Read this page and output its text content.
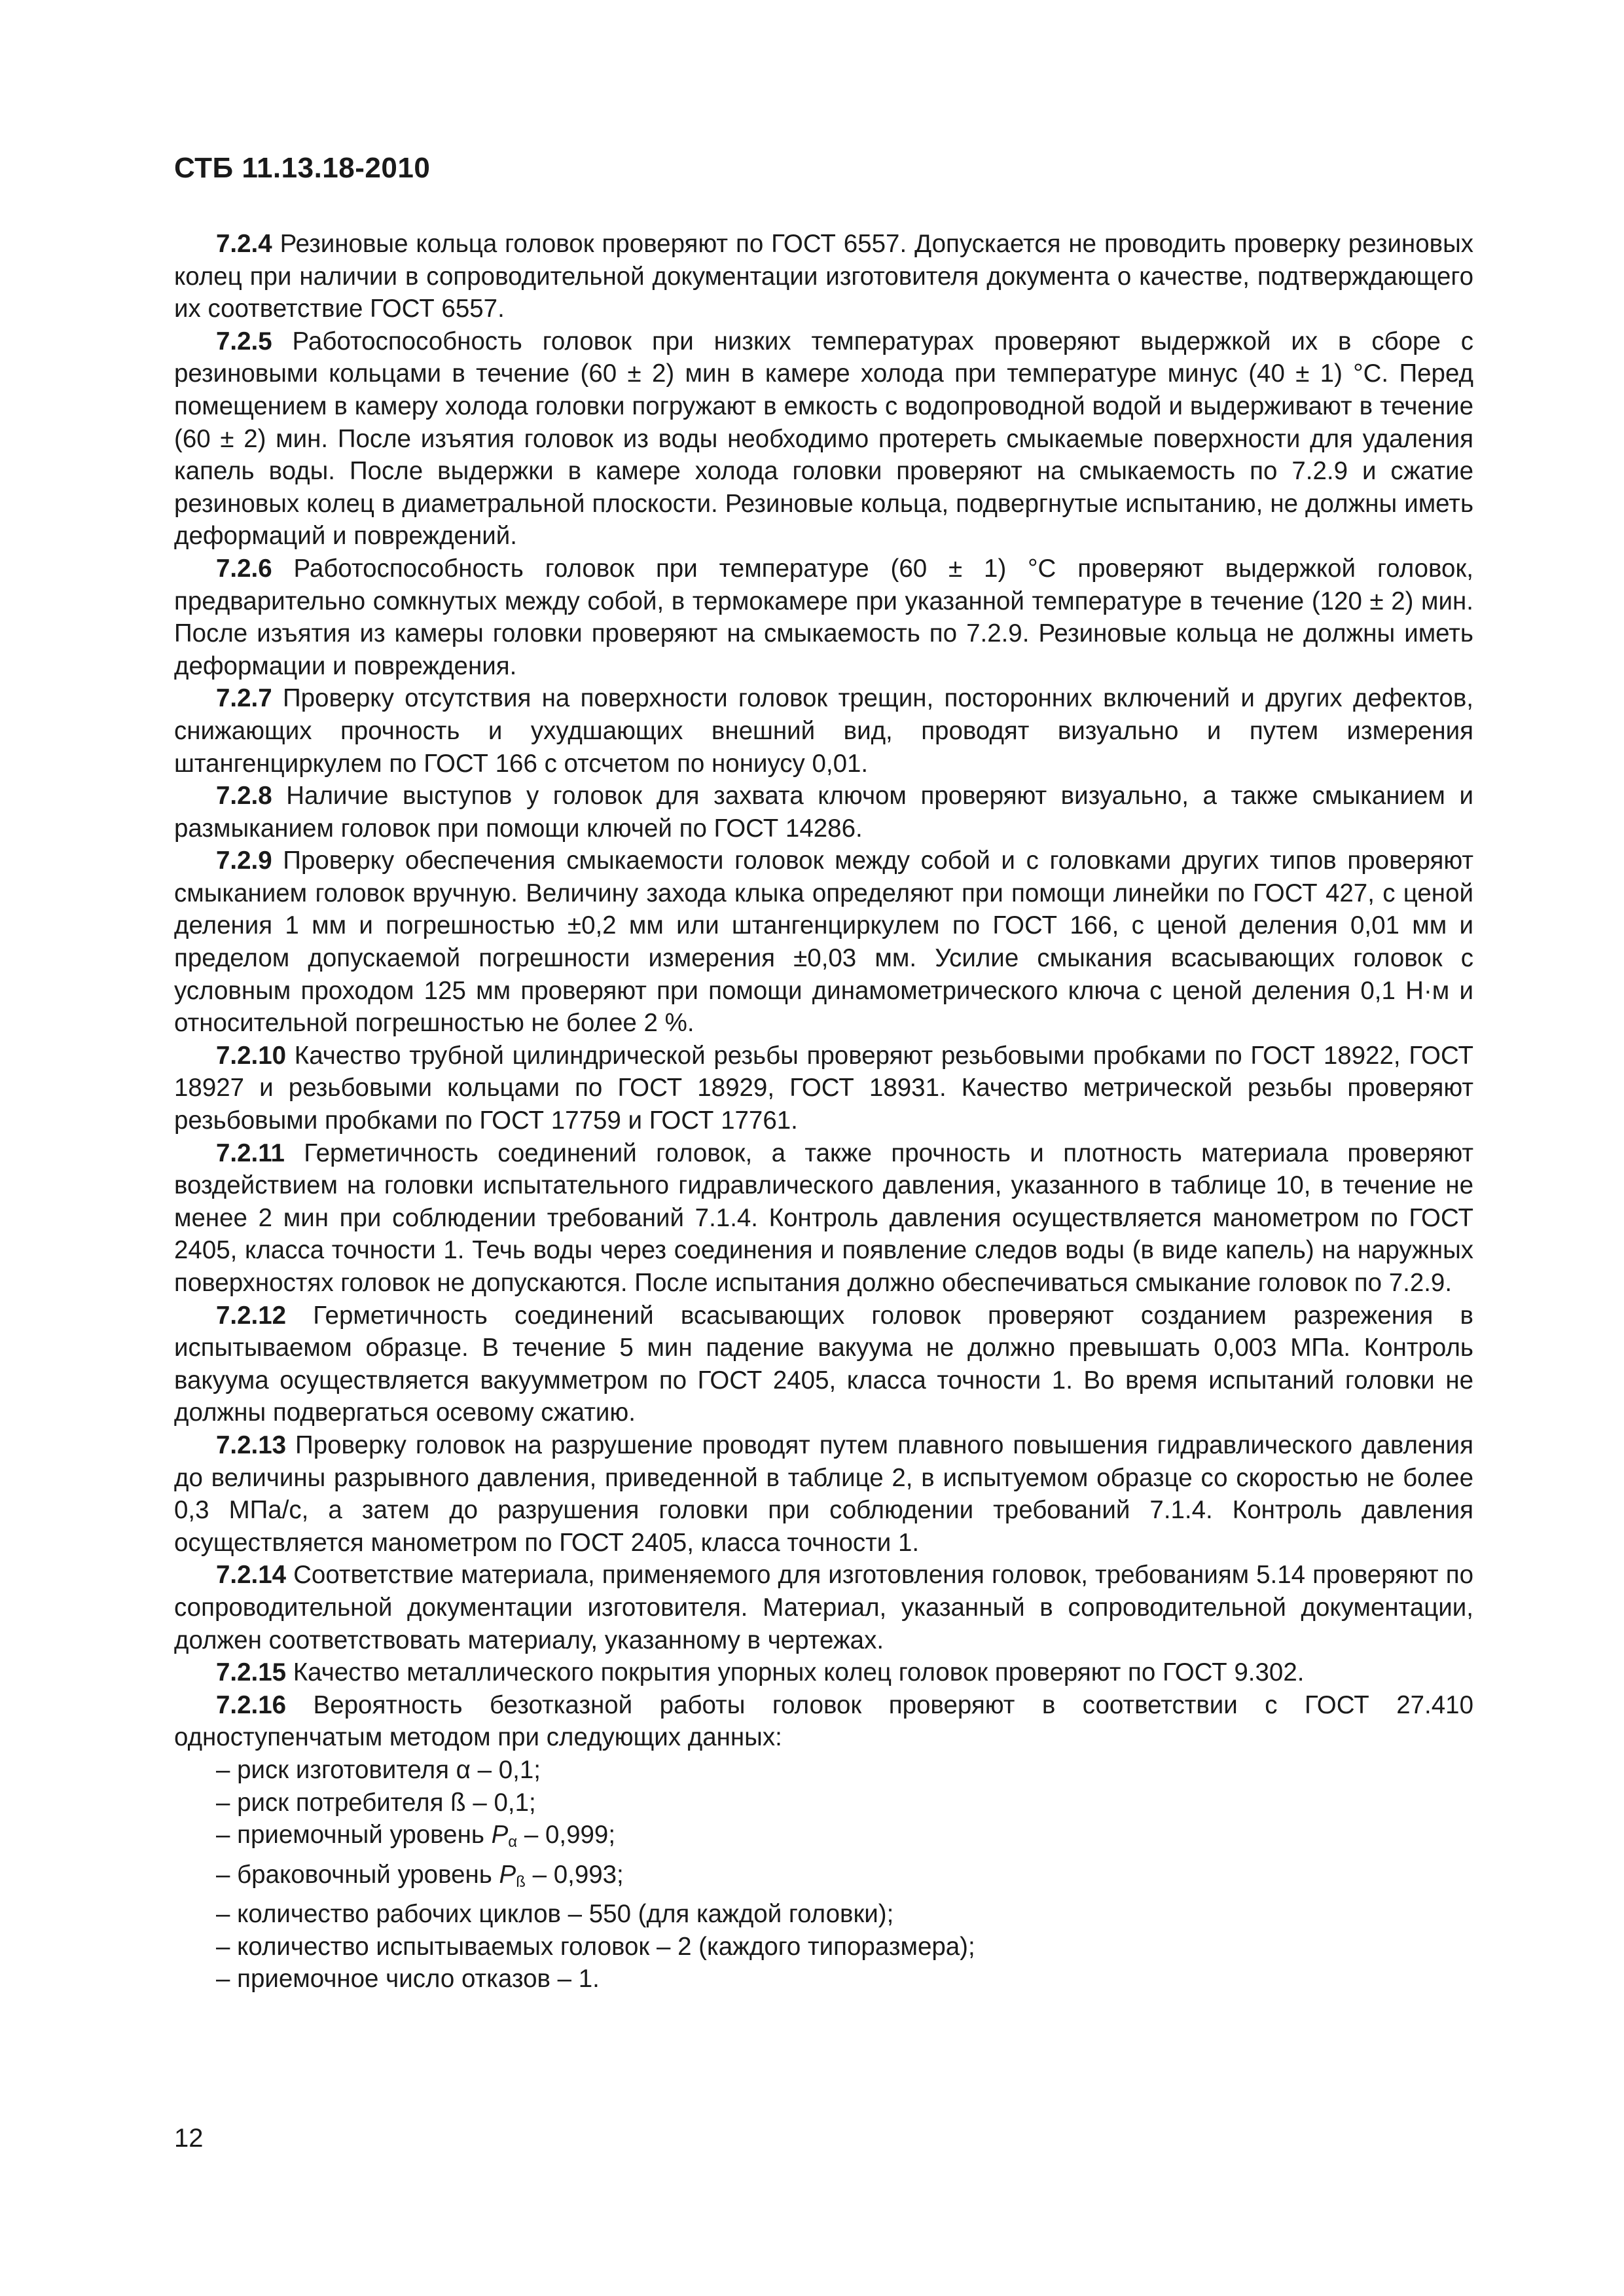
СТБ 11.13.18-2010

7.2.4 Резиновые кольца головок проверяют по ГОСТ 6557. Допускается не проводить проверку резиновых колец при наличии в сопроводительной документации изготовителя документа о качестве, подтверждающего их соответствие ГОСТ 6557.

7.2.5 Работоспособность головок при низких температурах проверяют выдержкой их в сборе с резиновыми кольцами в течение (60 ± 2) мин в камере холода при температуре минус (40 ± 1) °С. Перед помещением в камеру холода головки погружают в емкость с водопроводной водой и выдерживают в течение (60 ± 2) мин. После изъятия головок из воды необходимо протереть смыкаемые поверхности для удаления капель воды. После выдержки в камере холода головки проверяют на смыкаемость по 7.2.9 и сжатие резиновых колец в диаметральной плоскости. Резиновые кольца, подвергнутые испытанию, не должны иметь деформаций и повреждений.

7.2.6 Работоспособность головок при температуре (60 ± 1) °С проверяют выдержкой головок, предварительно сомкнутых между собой, в термокамере при указанной температуре в течение (120 ± 2) мин. После изъятия из камеры головки проверяют на смыкаемость по 7.2.9. Резиновые кольца не должны иметь деформации и повреждения.

7.2.7 Проверку отсутствия на поверхности головок трещин, посторонних включений и других дефектов, снижающих прочность и ухудшающих внешний вид, проводят визуально и путем измерения штангенциркулем по ГОСТ 166 с отсчетом по нониусу 0,01.

7.2.8 Наличие выступов у головок для захвата ключом проверяют визуально, а также смыканием и размыканием головок при помощи ключей по ГОСТ 14286.

7.2.9 Проверку обеспечения смыкаемости головок между собой и с головками других типов проверяют смыканием головок вручную. Величину захода клыка определяют при помощи линейки по ГОСТ 427, с ценой деления 1 мм и погрешностью ±0,2 мм или штангенциркулем по ГОСТ 166, с ценой деления 0,01 мм и пределом допускаемой погрешности измерения ±0,03 мм. Усилие смыкания всасывающих головок с условным проходом 125 мм проверяют при помощи динамометрического ключа с ценой деления 0,1 Н·м и относительной погрешностью не более 2 %.

7.2.10 Качество трубной цилиндрической резьбы проверяют резьбовыми пробками по ГОСТ 18922, ГОСТ 18927 и резьбовыми кольцами по ГОСТ 18929, ГОСТ 18931. Качество метрической резьбы проверяют резьбовыми пробками по ГОСТ 17759 и ГОСТ 17761.

7.2.11 Герметичность соединений головок, а также прочность и плотность материала проверяют воздействием на головки испытательного гидравлического давления, указанного в таблице 10, в течение не менее 2 мин при соблюдении требований 7.1.4. Контроль давления осуществляется манометром по ГОСТ 2405, класса точности 1. Течь воды через соединения и появление следов воды (в виде капель) на наружных поверхностях головок не допускаются. После испытания должно обеспечиваться смыкание головок по 7.2.9.

7.2.12 Герметичность соединений всасывающих головок проверяют созданием разрежения в испытываемом образце. В течение 5 мин падение вакуума не должно превышать 0,003 МПа. Контроль вакуума осуществляется вакуумметром по ГОСТ 2405, класса точности 1. Во время испытаний головки не должны подвергаться осевому сжатию.

7.2.13 Проверку головок на разрушение проводят путем плавного повышения гидравлического давления до величины разрывного давления, приведенной в таблице 2, в испытуемом образце со скоростью не более 0,3 МПа/с, а затем до разрушения головки при соблюдении требований 7.1.4. Контроль давления осуществляется манометром по ГОСТ 2405, класса точности 1.

7.2.14 Соответствие материала, применяемого для изготовления головок, требованиям 5.14 проверяют по сопроводительной документации изготовителя. Материал, указанный в сопроводительной документации, должен соответствовать материалу, указанному в чертежах.

7.2.15 Качество металлического покрытия упорных колец головок проверяют по ГОСТ 9.302.

7.2.16 Вероятность безотказной работы головок проверяют в соответствии с ГОСТ 27.410 одноступенчатым методом при следующих данных:

– риск изготовителя α – 0,1;
– риск потребителя ß – 0,1;
– приемочный уровень $P_\alpha - 0,999$;
– браковочный уровень $P_ß - 0,993$;
– количество рабочих циклов – 550 (для каждой головки);
– количество испытываемых головок – 2 (каждого типоразмера);
– приемочное число отказов – 1.
12
